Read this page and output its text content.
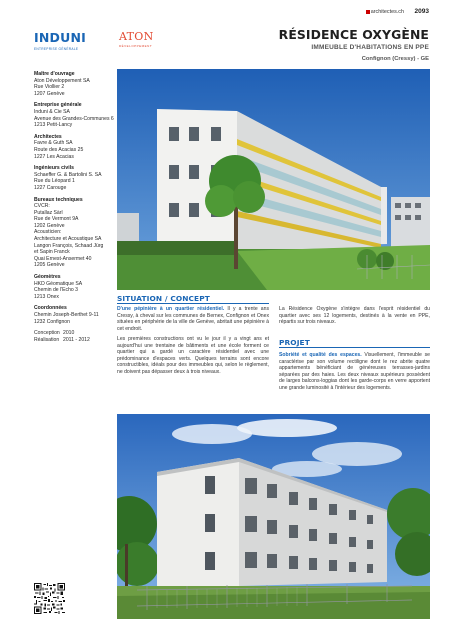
architectes.ch 2093
INDUNI
ENTREPRISE GÉNÉRALE
ATON
DÉVELOPPEMENT
RÉSIDENCE OXYGÈNE
IMMEUBLE D'HABITATIONS EN PPE
Confignon (Cressy) - GE
Maître d'ouvrage
Aton Développement SA
Rue Viollier 2
1207 Genève
Entreprise générale
Induni & Cie SA
Avenue des Grandes-Communes 6
1213 Petit-Lancy
Architectes
Favre & Guth SA
Route des Acacias 25
1227 Les Acacias
Ingénieurs civils
Schaeffer G. & Bartolini S. SA
Rue du Léopard 1
1227 Carouge
Bureaux techniques
CVCR:
Putallaz Sàrl
Rue de Vermont 9A
1202 Genève
Acousticien:
Architecture et Acoustique SA
Langon François, Schaad Jürg
et Sapin Franck
Quai Ernest-Ansermet 40
1205 Genève
Géomètres
HKD Géomatique SA
Chemin de l'Echo 3
1213 Onex
Coordonnées
Chemin Joseph-Berthet 9-11
1232 Confignon
Conception 2010
Réalisation 2011 - 2012
SITUATION / CONCEPT

D'une pépinière à un quartier résidentiel. Il y a trente ans Cressy, à cheval sur les communes de Bernex, Confignon et Onex situées en périphérie de la ville de Genève, abritait une pépinière à cet endroit.

Les premières constructions ont vu le jour il y a vingt ans et aujourd'hui une trentaine de bâtiments et une école forment ce quartier qui a gardé un caractère résidentiel avec une prédominance d'espaces verts. Quelques terrains sont encore constructibles, idéals pour des immeubles qui, selon le règlement, ne doivent pas dépasser deux à trois niveaux.

La Résidence Oxygène s'intègre dans l'esprit résidentiel du quartier avec ses 12 logements, destinés à la vente en PPE, répartis sur trois niveaux.

PROJET

Sobriété et qualité des espaces. Visuellement, l'immeuble se caractérise par son volume rectiligne dont le rez abrite quatre appartements bénéficiant de généreuses terrasses-jardins séparées par des haies. Les deux niveaux supérieurs possèdent de larges balcons-loggias dont les garde-corps en verre apportent une grande luminosité à l'intérieur des logements.
